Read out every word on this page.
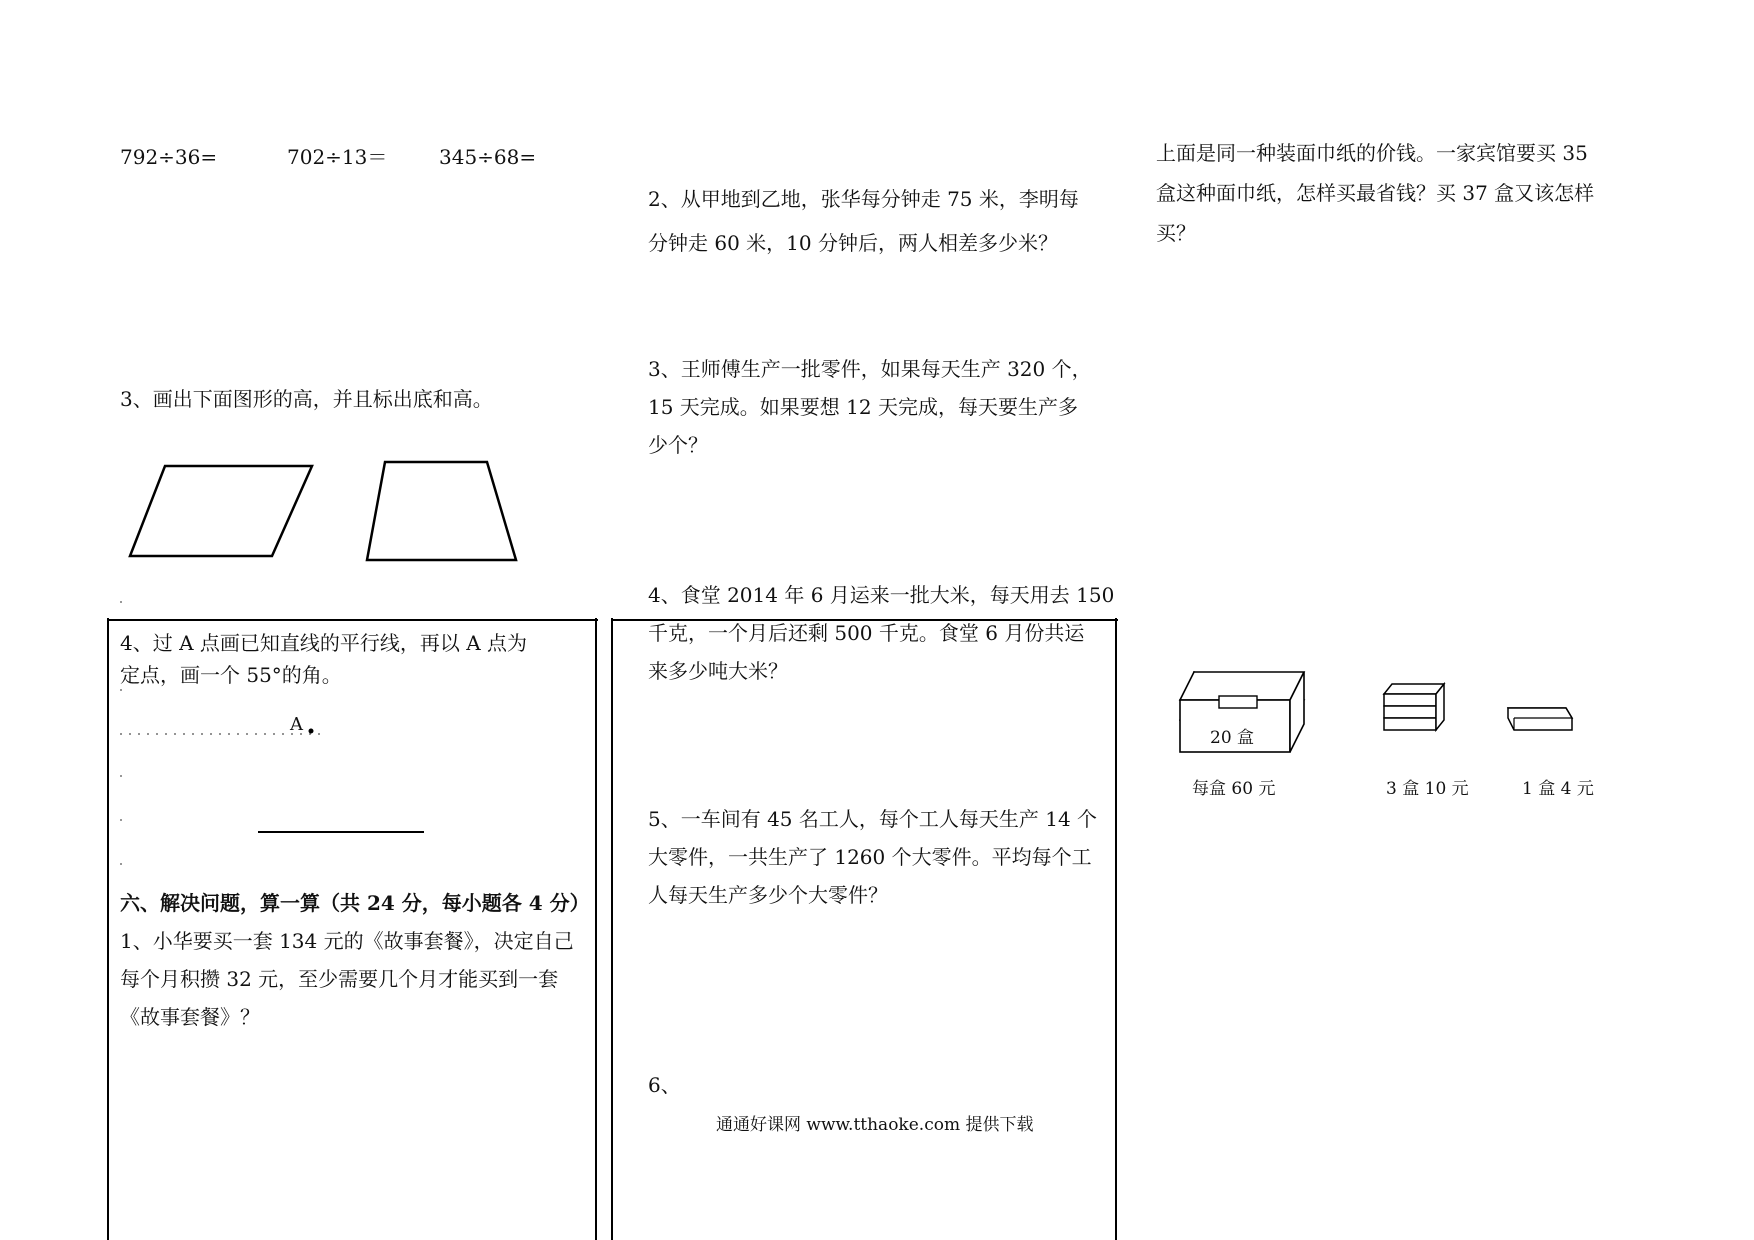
792÷36=	702÷13＝	345÷68=
3、画出下面图形的高，并且标出底和高。
4、过 A 点画已知直线的平行线，再以 A 点为
定点，画一个 55°的角。
A
六、解决问题，算一算（共 24 分，每小题各 4 分）
1、小华要买一套 134 元的《故事套餐》，决定自己
每个月积攒 32 元，至少需要几个月才能买到一套
《故事套餐》？
2、从甲地到乙地，张华每分钟走 75 米，李明每
分钟走 60 米，10 分钟后，两人相差多少米？
3、王师傅生产一批零件，如果每天生产 320 个，
15 天完成。如果要想 12 天完成，每天要生产多
少个？
4、食堂 2014 年 6 月运来一批大米，每天用去 150
千克，一个月后还剩 500 千克。食堂 6 月份共运
来多少吨大米？
5、一车间有 45 名工人，每个工人每天生产 14 个
大零件，一共生产了 1260 个大零件。平均每个工
人每天生产多少个大零件？
6、
通通好课网 www.tthaoke.com 提供下载
上面是同一种装面巾纸的价钱。一家宾馆要买 35
盒这种面巾纸，怎样买最省钱？买 37 盒又该怎样
买？
20 盒
每盒 60 元	3 盒 10 元	1 盒 4 元
